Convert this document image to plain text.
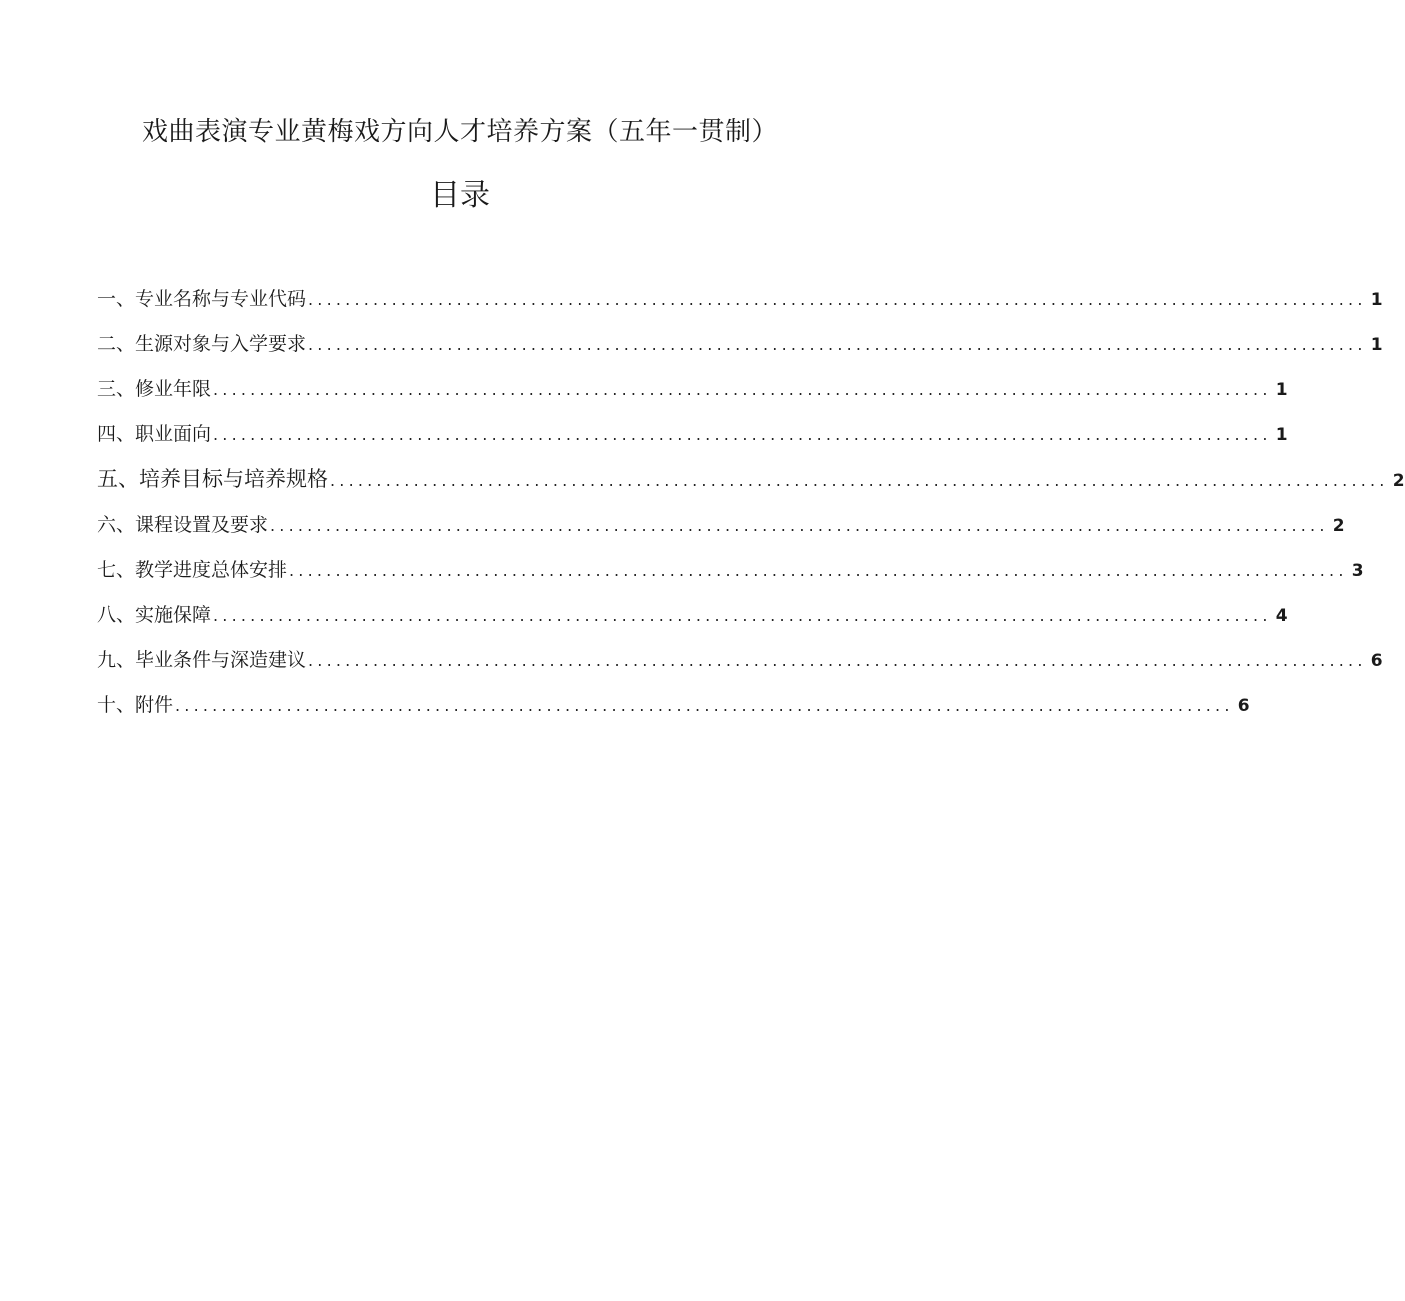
戏曲表演专业黄梅戏方向人才培养方案（五年一贯制）
目录
一、专业名称与专业代码 .................................................................................................................. 1
二、生源对象与入学要求 .................................................................................................................. 1
三、修业年限 .................................................................................................................. 1
四、职业面向 .................................................................................................................. 1
五、培养目标与培养规格 .................................................................................................................. 2
六、课程设置及要求 .................................................................................................................. 2
七、教学进度总体安排 .................................................................................................................. 3
八、实施保障 .................................................................................................................. 4
九、毕业条件与深造建议 .................................................................................................................. 6
十、附件 .................................................................................................................. 6
